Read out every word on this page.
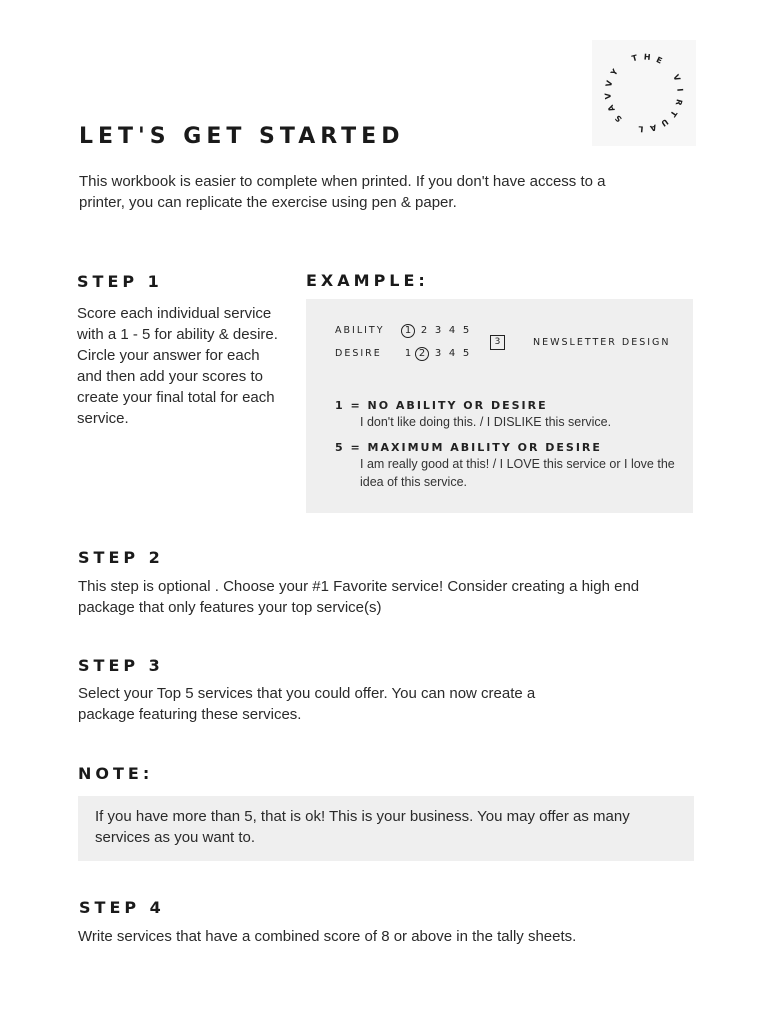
T H E
V
I
R
T
U
A
L
S
A
V
V
Y
LET'S GET STARTED
This workbook is easier to complete when printed. If you don't have access to a printer, you can replicate the exercise using pen & paper.
STEP 1
Score each individual service with a 1 - 5 for ability & desire. Circle your answer for each and then add your scores to create your final total for each service.
EXAMPLE:
ABILITY	1 2 3 4 5
DESIRE	1 2 3 4 5
3	NEWSLETTER DESIGN
1 = NO ABILITY OR DESIRE
I don't like doing this. / I DISLIKE this service.
5 = MAXIMUM ABILITY OR DESIRE
I am really good at this! / I LOVE this service or I love the idea of this service.
STEP 2
This step is optional . Choose your #1 Favorite service! Consider creating a high end package that only features your top service(s)
STEP 3
Select your Top 5 services that you could offer. You can now create a package featuring these services.
NOTE:
If you have more than 5, that is ok! This is your business. You may offer as many services as you want to.
STEP 4
Write services that have a combined score of 8 or above in the tally sheets.
